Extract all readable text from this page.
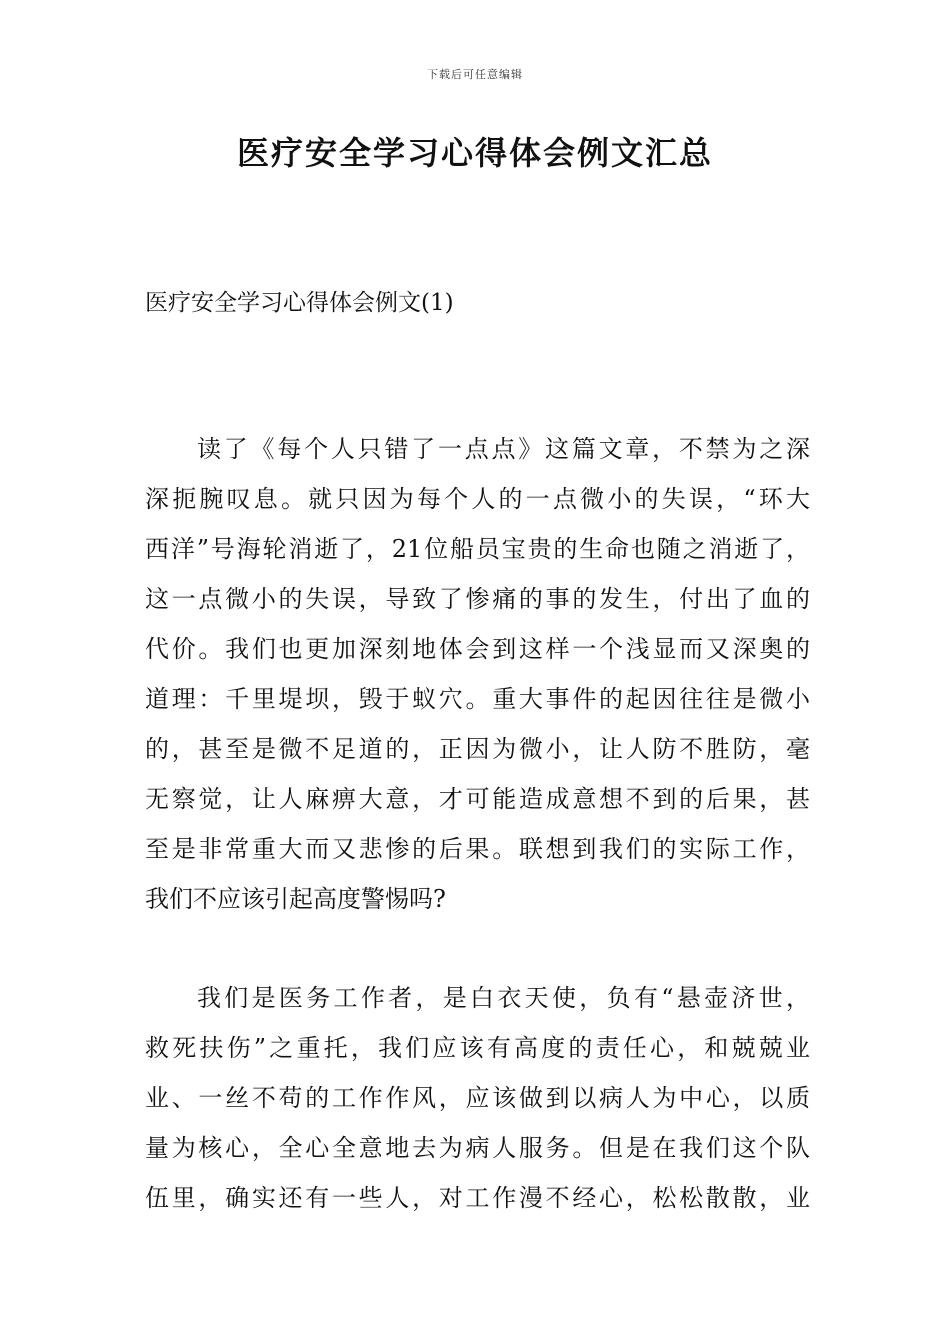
下载后可任意编辑
医疗安全学习心得体会例文汇总
医疗安全学习心得体会例文(1)
读了《每个人只错了一点点》这篇文章，不禁为之深
深扼腕叹息。就只因为每个人的一点微小的失误，“环大
西洋”号海轮消逝了，21位船员宝贵的生命也随之消逝了，
这一点微小的失误，导致了惨痛的事的发生，付出了血的
代价。我们也更加深刻地体会到这样一个浅显而又深奥的
道理：千里堤坝，毁于蚁穴。重大事件的起因往往是微小
的，甚至是微不足道的，正因为微小，让人防不胜防，毫
无察觉，让人麻痹大意，才可能造成意想不到的后果，甚
至是非常重大而又悲惨的后果。联想到我们的实际工作，
我们不应该引起高度警惕吗?
我们是医务工作者，是白衣天使，负有“悬壶济世，
救死扶伤”之重托，我们应该有高度的责任心，和兢兢业
业、一丝不苟的工作作风，应该做到以病人为中心，以质
量为核心，全心全意地去为病人服务。但是在我们这个队
伍里，确实还有一些人，对工作漫不经心，松松散散，业
